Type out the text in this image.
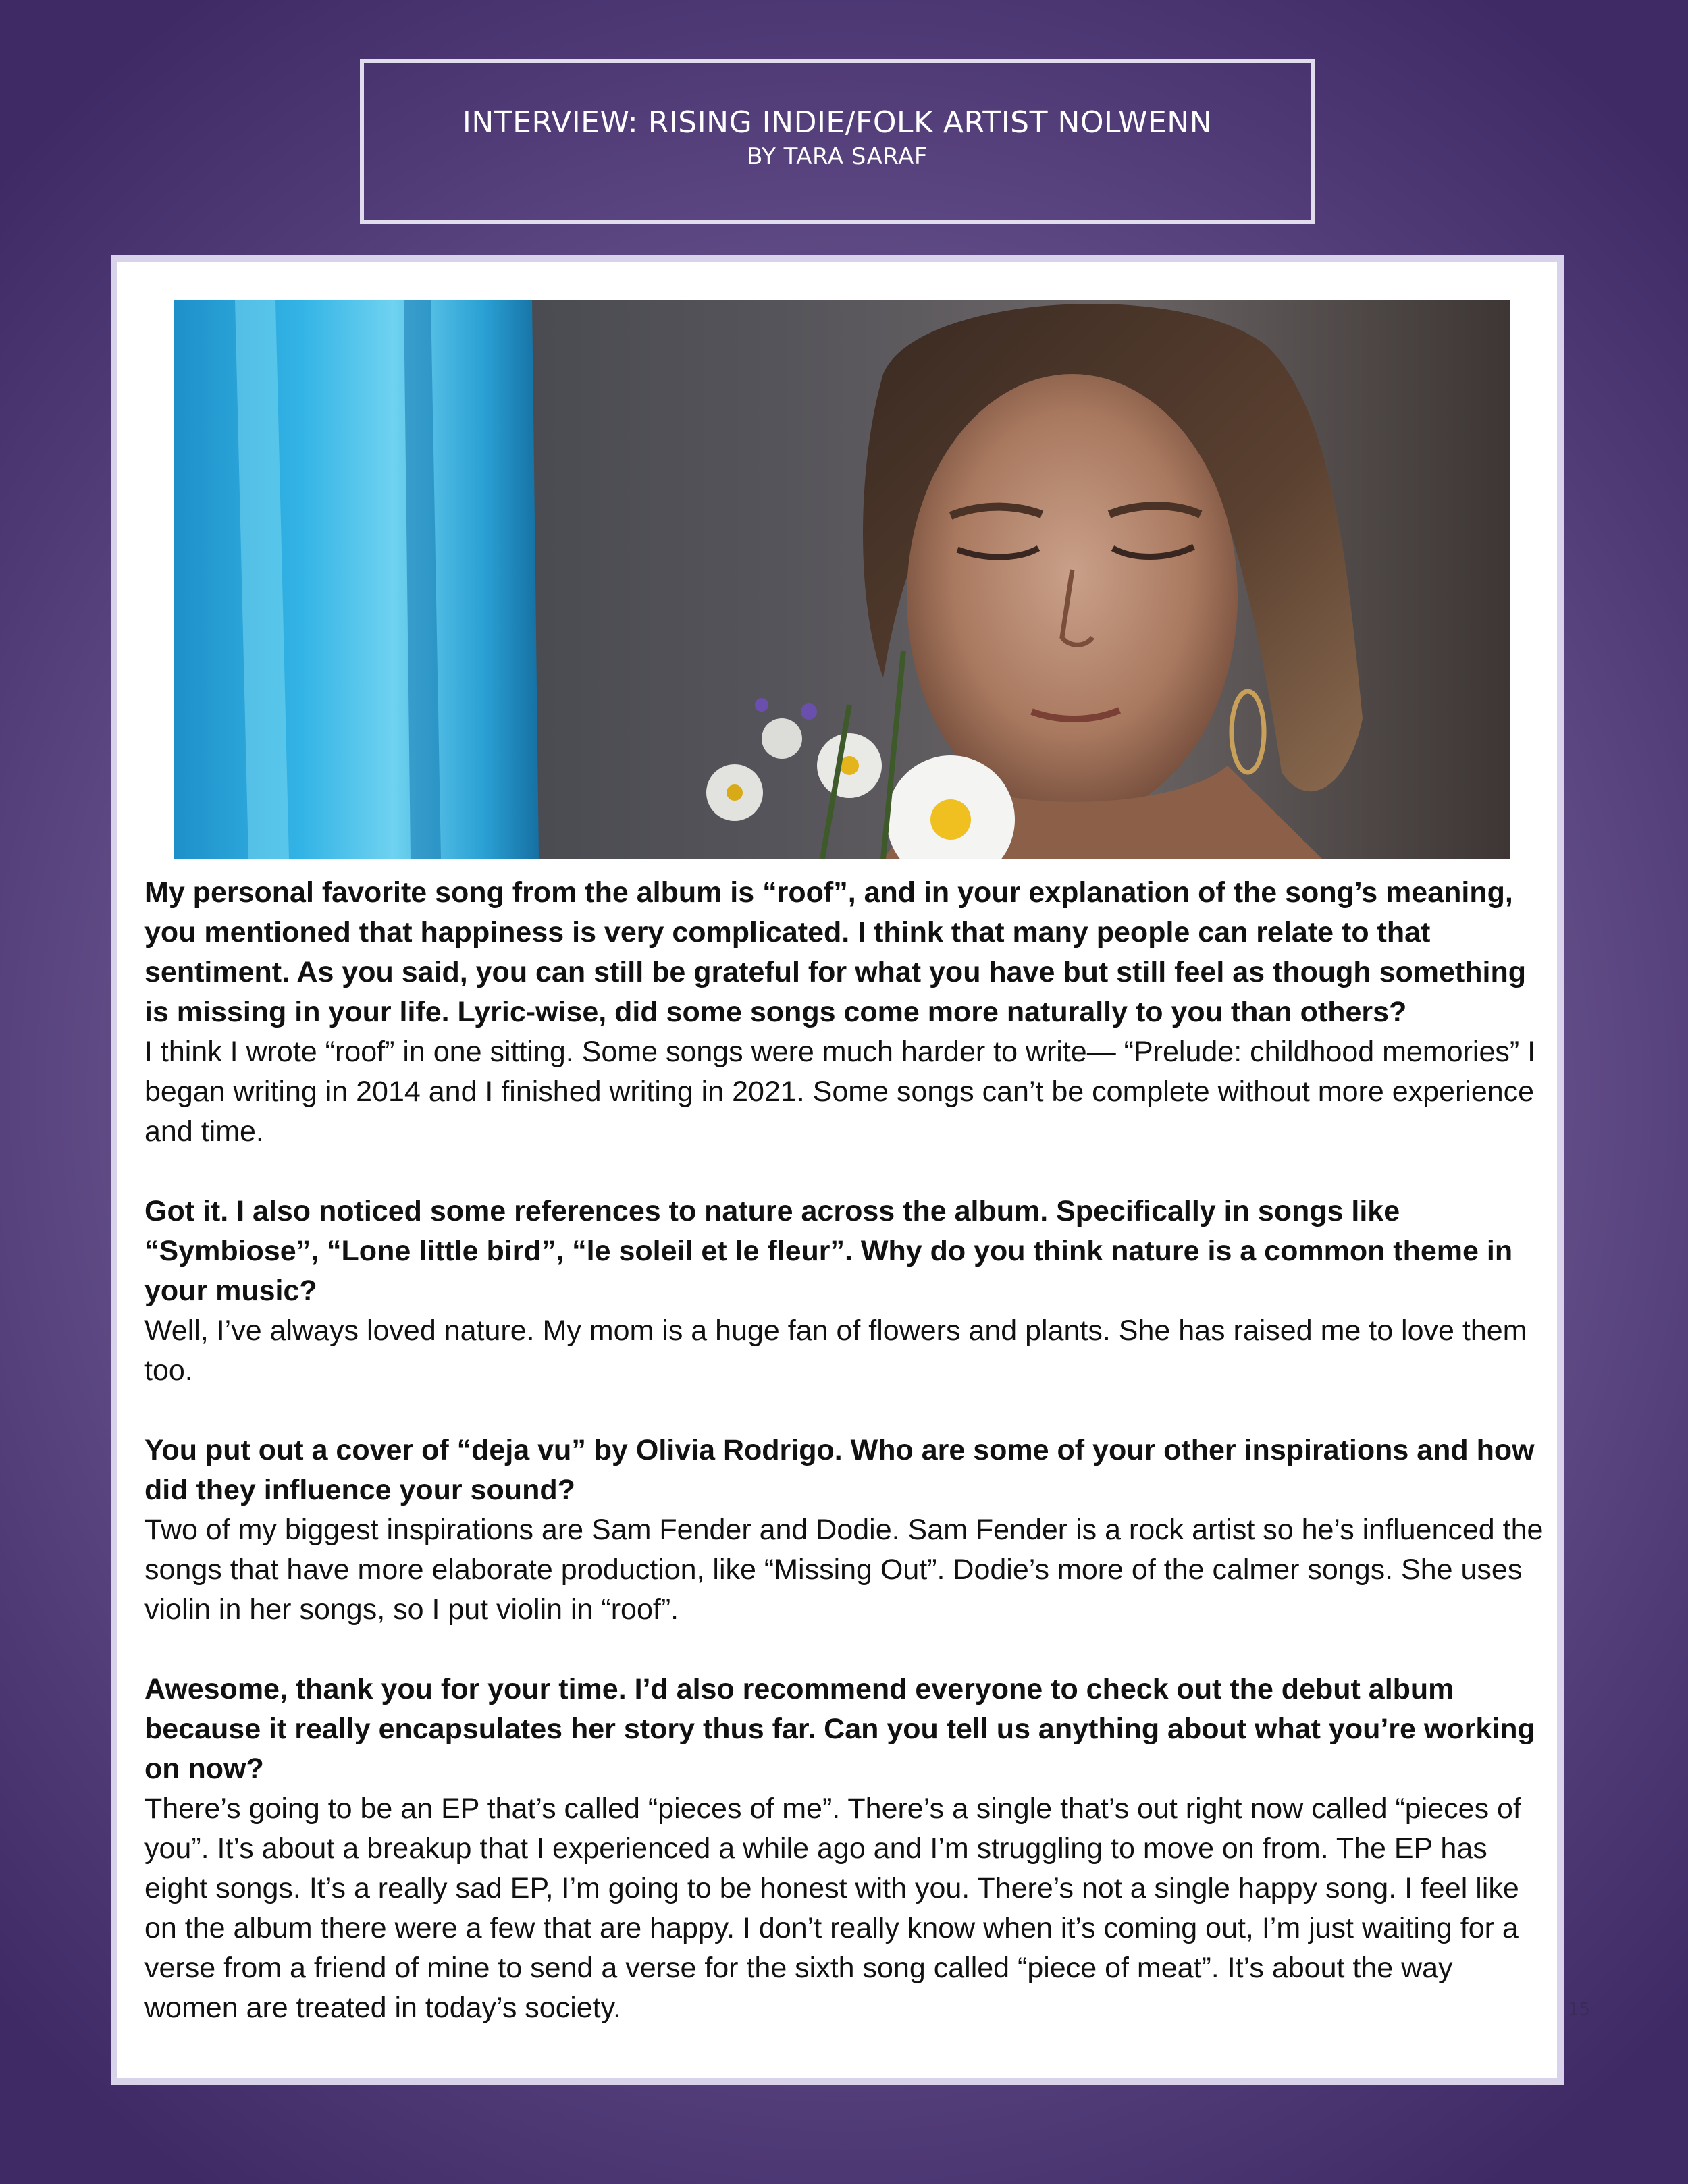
INTERVIEW: RISING INDIE/FOLK ARTIST NOLWENN
BY TARA SARAF

My personal favorite song from the album is “roof”, and in your explanation of the song’s meaning, you mentioned that happiness is very complicated. I think that many people can relate to that sentiment. As you said, you can still be grateful for what you have but still feel as though something is missing in your life. Lyric-wise, did some songs come more naturally to you than others?

I think I wrote “roof” in one sitting. Some songs were much harder to write— “Prelude: childhood memories” I began writing in 2014 and I finished writing in 2021. Some songs can’t be complete without more experience and time.

Got it. I also noticed some references to nature across the album. Specifically in songs like “Symbiose”, “Lone little bird”, “le soleil et le fleur”. Why do you think nature is a common theme in your music?

Well, I’ve always loved nature. My mom is a huge fan of flowers and plants. She has raised me to love them too.

You put out a cover of “deja vu” by Olivia Rodrigo. Who are some of your other inspirations and how did they influence your sound?

Two of my biggest inspirations are Sam Fender and Dodie. Sam Fender is a rock artist so he’s influenced the songs that have more elaborate production, like “Missing Out”. Dodie’s more of the calmer songs. She uses violin in her songs, so I put violin in “roof”.

Awesome, thank you for your time. I’d also recommend everyone to check out the debut album because it really encapsulates her story thus far. Can you tell us anything about what you’re working on now?

There’s going to be an EP that’s called “pieces of me”. There’s a single that’s out right now called “pieces of you”. It’s about a breakup that I experienced a while ago and I’m struggling to move on from. The EP has eight songs. It’s a really sad EP, I’m going to be honest with you. There’s not a single happy song. I feel like on the album there were a few that are happy. I don’t really know when it’s coming out, I’m just waiting for a verse from a friend of mine to send a verse for the sixth song called “piece of meat”. It’s about the way women are treated in today’s society.	15
